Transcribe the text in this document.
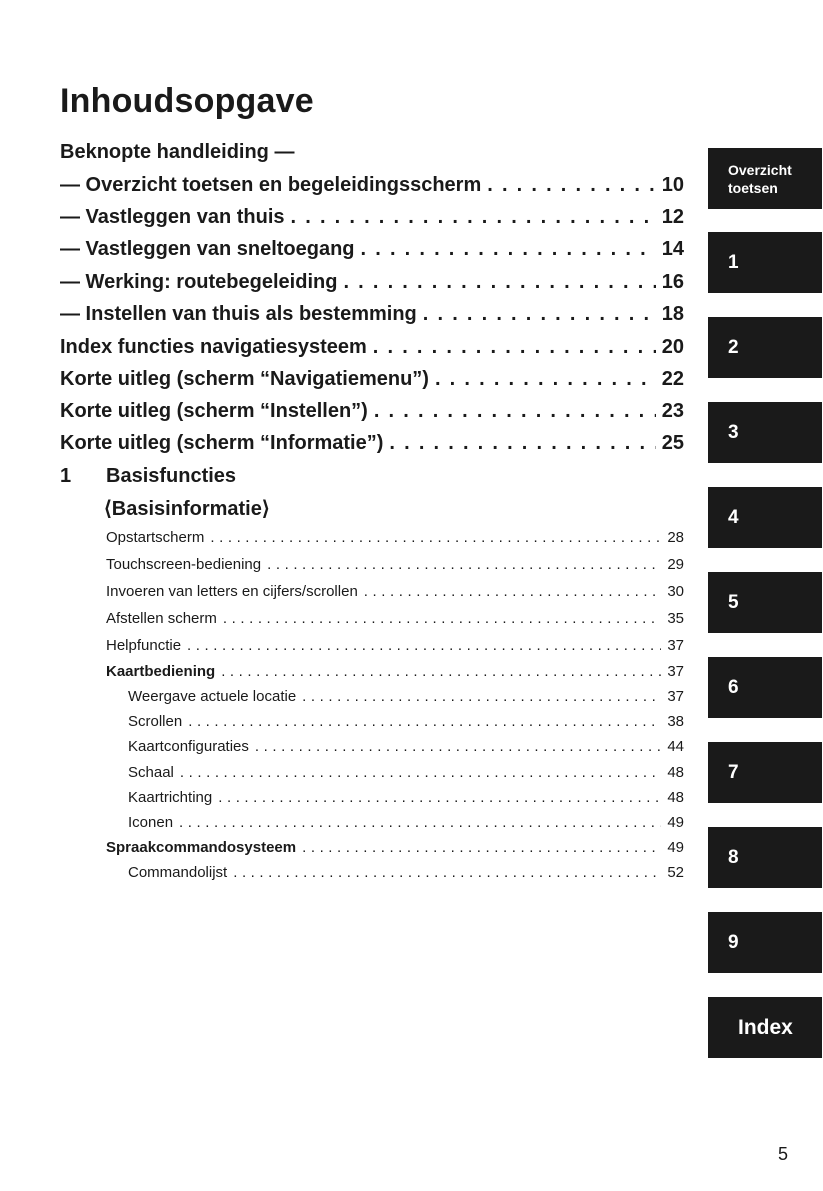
Inhoudsopgave
Beknopte handleiding —
— Overzicht toetsen en begeleidingsscherm . . .	10
— Vastleggen van thuis . . .	12
— Vastleggen van sneltoegang . . .	14
— Werking: routebegeleiding . . .	16
— Instellen van thuis als bestemming . . .	18
Index functies navigatiesysteem . . .	20
Korte uitleg (scherm “Navigatiemenu”) . . .	22
Korte uitleg (scherm “Instellen”) . . .	23
Korte uitleg (scherm “Informatie”) . . .	25
1 Basisfuncties
⟨Basisinformatie⟩
Opstartscherm . . .	28
Touchscreen-bediening . . .	29
Invoeren van letters en cijfers/scrollen . . .	30
Afstellen scherm . . .	35
Helpfunctie . . .	37
Kaartbediening . . .	37
Weergave actuele locatie . . .	37
Scrollen . . .	38
Kaartconfiguraties . . .	44
Schaal . . .	48
Kaartrichting . . .	48
Iconen . . .	49
Spraakcommandosysteem . . .	49
Commandolijst . . .	52
Overzicht
toetsen
1
2
3
4
5
6
7
8
9
Index
5
